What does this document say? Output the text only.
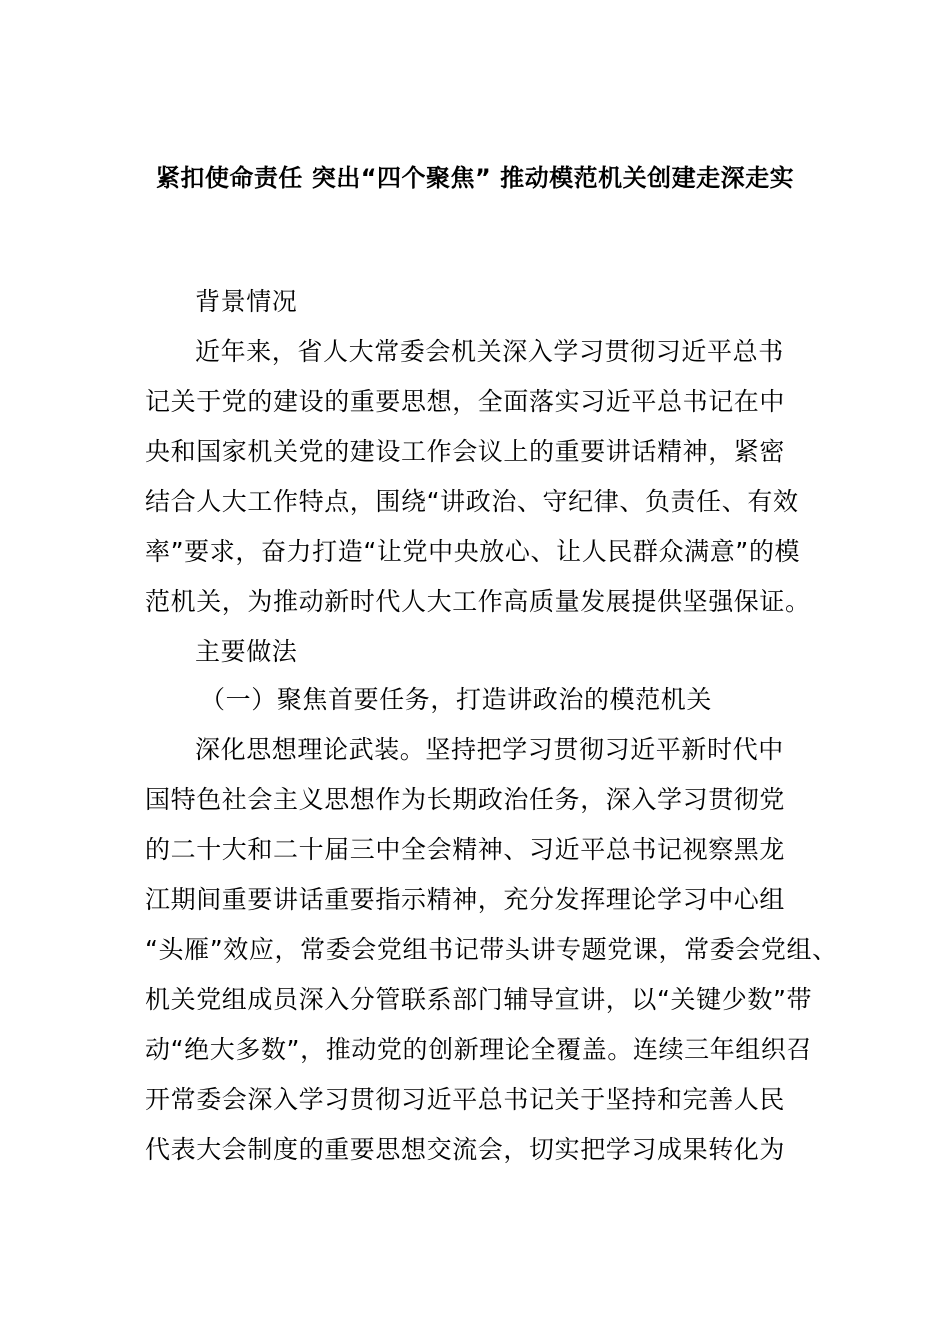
紧扣使命责任 突出“四个聚焦” 推动模范机关创建走深走实
背景情况
近年来，省人大常委会机关深入学习贯彻习近平总书
记关于党的建设的重要思想，全面落实习近平总书记在中
央和国家机关党的建设工作会议上的重要讲话精神，紧密
结合人大工作特点，围绕“讲政治、守纪律、负责任、有效
率”要求，奋力打造“让党中央放心、让人民群众满意”的模
范机关，为推动新时代人大工作高质量发展提供坚强保证。
主要做法
（一）聚焦首要任务，打造讲政治的模范机关
深化思想理论武装。坚持把学习贯彻习近平新时代中
国特色社会主义思想作为长期政治任务，深入学习贯彻党
的二十大和二十届三中全会精神、习近平总书记视察黑龙
江期间重要讲话重要指示精神，充分发挥理论学习中心组
“头雁”效应，常委会党组书记带头讲专题党课，常委会党组、
机关党组成员深入分管联系部门辅导宣讲，以“关键少数”带
动“绝大多数”，推动党的创新理论全覆盖。连续三年组织召
开常委会深入学习贯彻习近平总书记关于坚持和完善人民
代表大会制度的重要思想交流会，切实把学习成果转化为
